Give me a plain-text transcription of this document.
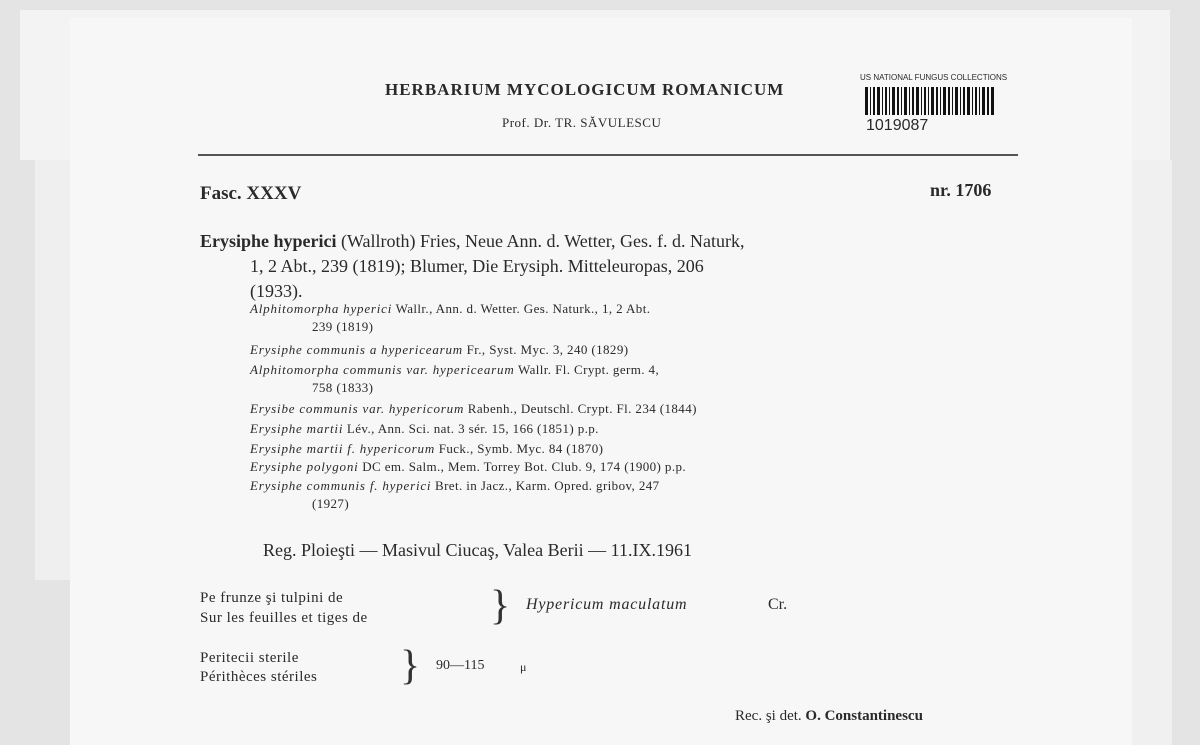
HERBARIUM MYCOLOGICUM ROMANICUM
Prof. Dr. TR. SĂVULESCU
US NATIONAL FUNGUS COLLECTIONS
1019087
Fasc. XXXV	nr. 1706
Erysiphe hyperici (Wallroth) Fries, Neue Ann. d. Wetter, Ges. f. d. Naturk,
1, 2 Abt., 239 (1819); Blumer, Die Erysiph. Mitteleuropas, 206
(1933).
Alphitomorpha hyperici Wallr., Ann. d. Wetter. Ges. Naturk., 1, 2 Abt.
239 (1819)
Erysiphe communis a hypericearum Fr., Syst. Myc. 3, 240 (1829)
Alphitomorpha communis var. hypericearum Wallr. Fl. Crypt. germ. 4,
758 (1833)
Erysibe communis var. hypericorum Rabenh., Deutschl. Crypt. Fl. 234 (1844)
Erysiphe martii Lév., Ann. Sci. nat. 3 sér. 15, 166 (1851) p.p.
Erysiphe martii f. hypericorum Fuck., Symb. Myc. 84 (1870)
Erysiphe polygoni DC em. Salm., Mem. Torrey Bot. Club. 9, 174 (1900) p.p.
Erysiphe communis f. hyperici Bret. in Jacz., Karm. Opred. gribov, 247
(1927)
Reg. Ploieşti — Masivul Ciucaş, Valea Berii — 11.IX.1961
Pe frunze şi tulpini de
Sur les feuilles et tiges de	} Hypericum maculatum	Cr.
Peritecii sterile
Périthèces stériles } 90—115	μ
Rec. şi det. O. Constantinescu
